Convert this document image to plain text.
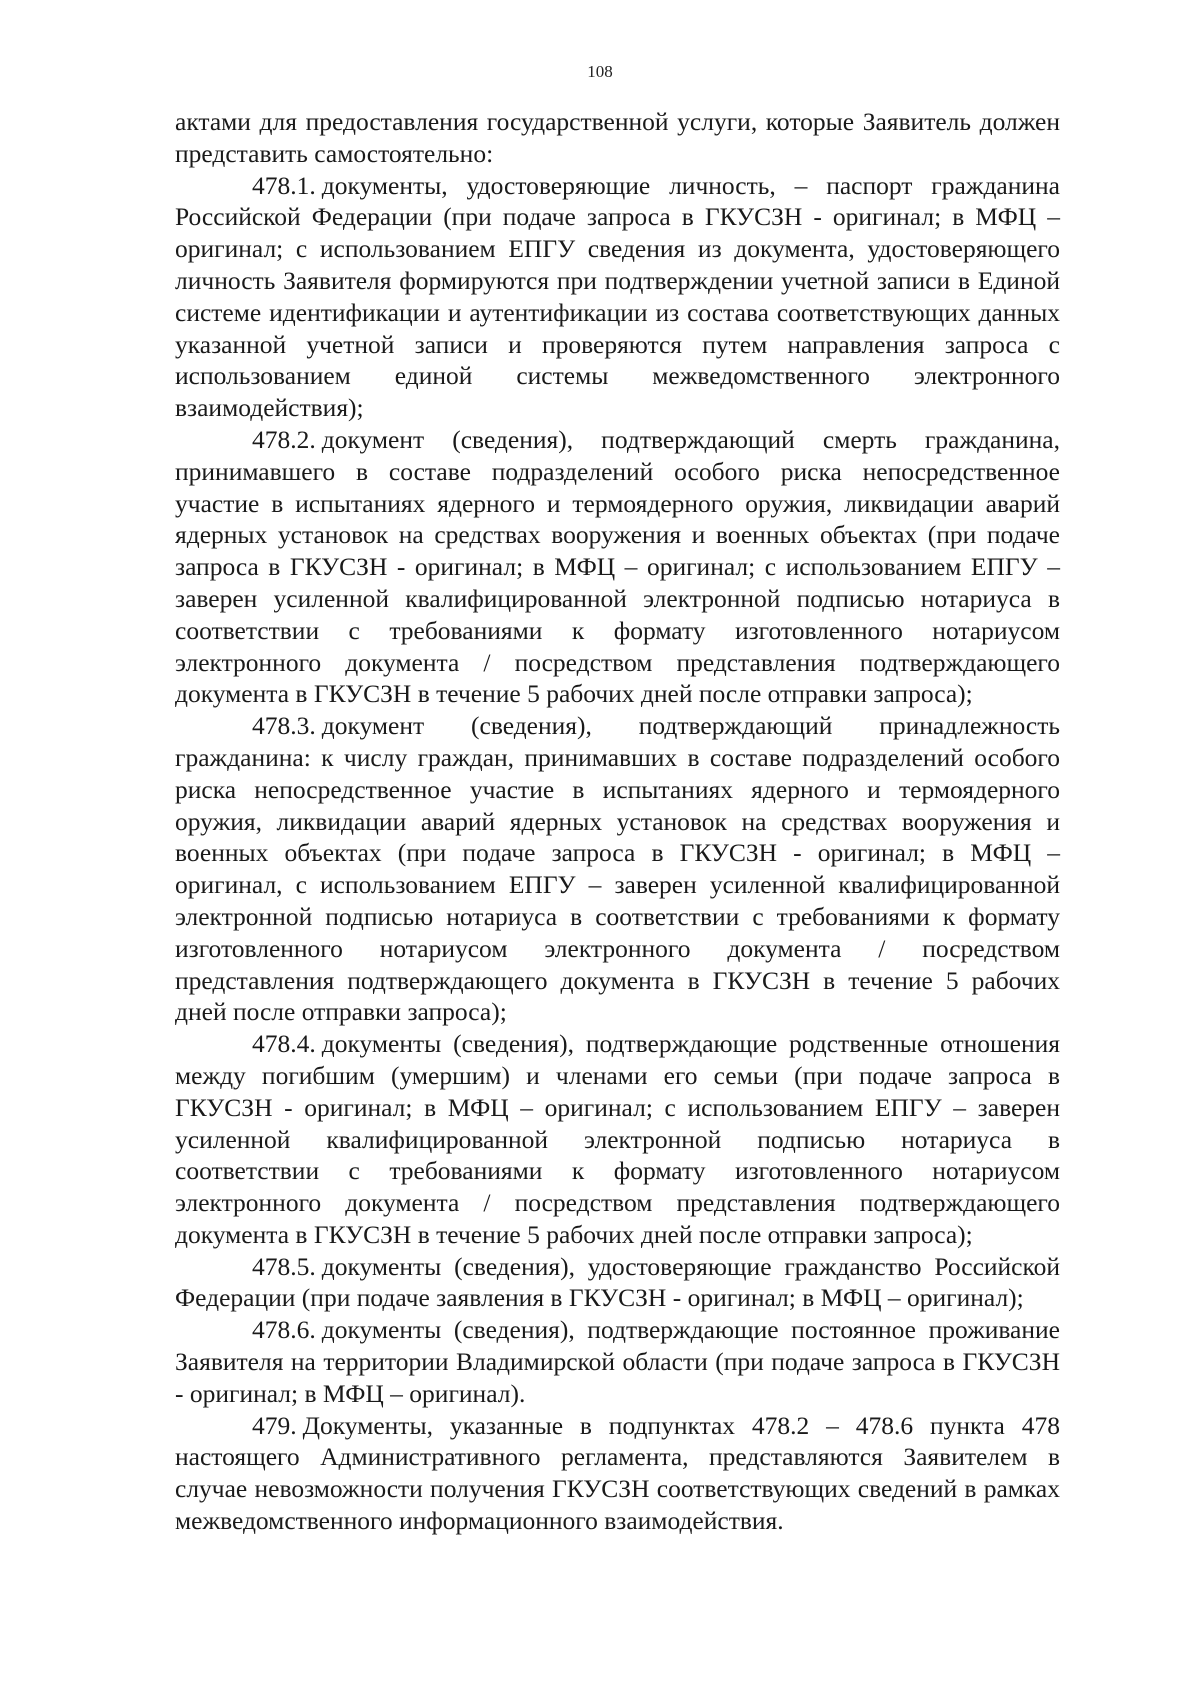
108

актами для предоставления государственной услуги, которые Заявитель должен представить самостоятельно:

478.1. документы, удостоверяющие личность, – паспорт гражданина Российской Федерации (при подаче запроса в ГКУСЗН - оригинал; в МФЦ – оригинал; с использованием ЕПГУ сведения из документа, удостоверяющего личность Заявителя формируются при подтверждении учетной записи в Единой системе идентификации и аутентификации из состава соответствующих данных указанной учетной записи и проверяются путем направления запроса с использованием единой системы межведомственного электронного взаимодействия);

478.2. документ (сведения), подтверждающий смерть гражданина, принимавшего в составе подразделений особого риска непосредственное участие в испытаниях ядерного и термоядерного оружия, ликвидации аварий ядерных установок на средствах вооружения и военных объектах (при подаче запроса в ГКУСЗН - оригинал; в МФЦ – оригинал; с использованием ЕПГУ – заверен усиленной квалифицированной электронной подписью нотариуса в соответствии с требованиями к формату изготовленного нотариусом электронного документа / посредством представления подтверждающего документа в ГКУСЗН в течение 5 рабочих дней после отправки запроса);

478.3. документ (сведения), подтверждающий принадлежность гражданина: к числу граждан, принимавших в составе подразделений особого риска непосредственное участие в испытаниях ядерного и термоядерного оружия, ликвидации аварий ядерных установок на средствах вооружения и военных объектах (при подаче запроса в ГКУСЗН - оригинал; в МФЦ – оригинал, с использованием ЕПГУ – заверен усиленной квалифицированной электронной подписью нотариуса в соответствии с требованиями к формату изготовленного нотариусом электронного документа / посредством представления подтверждающего документа в ГКУСЗН в течение 5 рабочих дней после отправки запроса);

478.4. документы (сведения), подтверждающие родственные отношения между погибшим (умершим) и членами его семьи (при подаче запроса в ГКУСЗН - оригинал; в МФЦ – оригинал; с использованием ЕПГУ – заверен усиленной квалифицированной электронной подписью нотариуса в соответствии с требованиями к формату изготовленного нотариусом электронного документа / посредством представления подтверждающего документа в ГКУСЗН в течение 5 рабочих дней после отправки запроса);

478.5. документы (сведения), удостоверяющие гражданство Российской Федерации (при подаче заявления в ГКУСЗН - оригинал; в МФЦ – оригинал);

478.6. документы (сведения), подтверждающие постоянное проживание Заявителя на территории Владимирской области (при подаче запроса в ГКУСЗН - оригинал; в МФЦ – оригинал).

479. Документы, указанные в подпунктах 478.2 – 478.6 пункта 478 настоящего Административного регламента, представляются Заявителем в случае невозможности получения ГКУСЗН соответствующих сведений в рамках межведомственного информационного взаимодействия.
